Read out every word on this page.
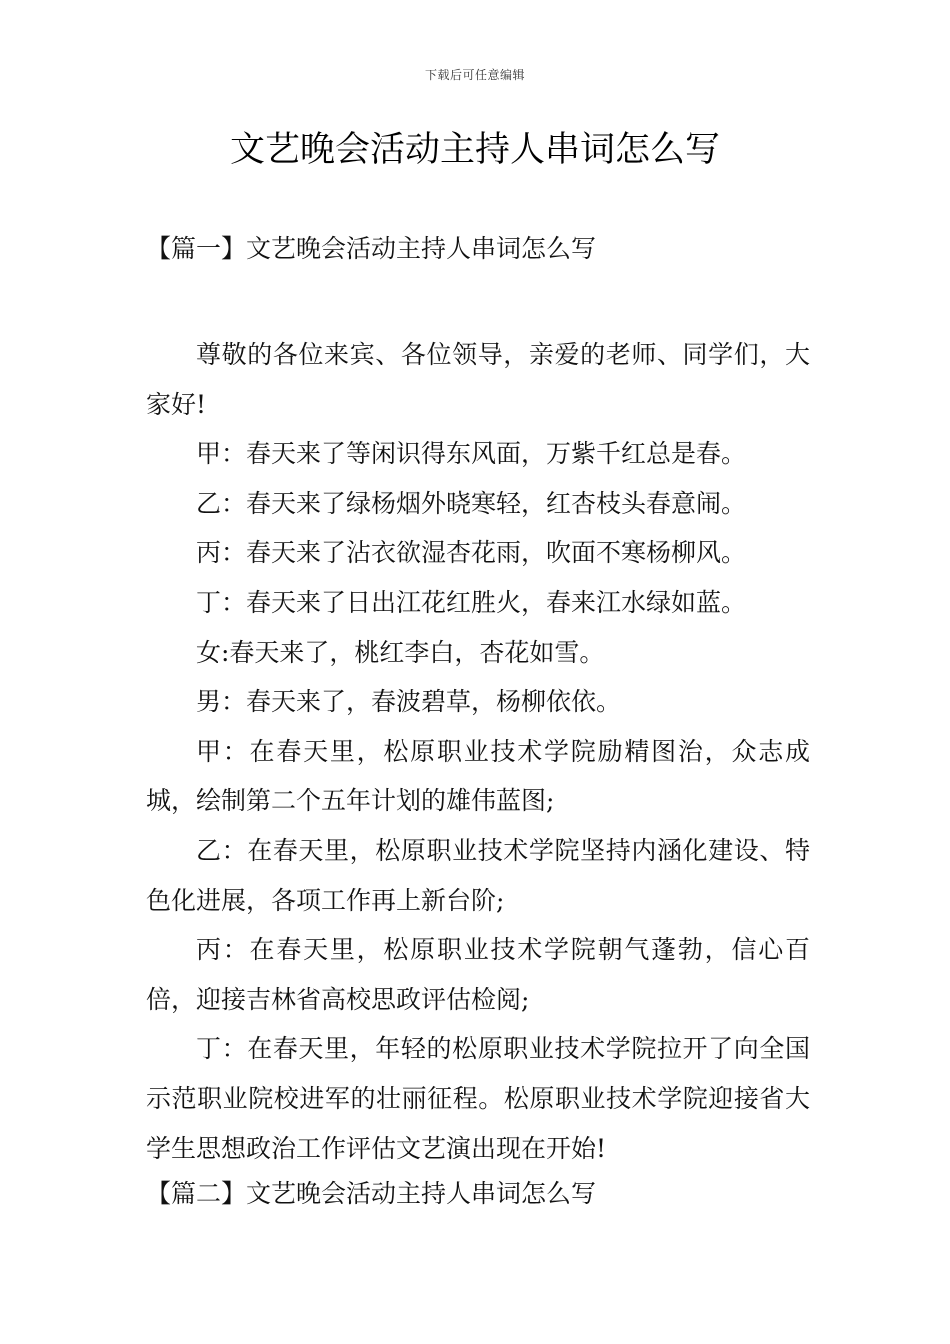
下载后可任意编辑
文艺晚会活动主持人串词怎么写
【篇一】文艺晚会活动主持人串词怎么写

尊敬的各位来宾、各位领导，亲爱的老师、同学们，大家好!

甲：春天来了等闲识得东风面，万紫千红总是春。

乙：春天来了绿杨烟外晓寒轻，红杏枝头春意闹。

丙：春天来了沾衣欲湿杏花雨，吹面不寒杨柳风。

丁：春天来了日出江花红胜火，春来江水绿如蓝。

女:春天来了，桃红李白，杏花如雪。

男：春天来了，春波碧草，杨柳依依。

甲：在春天里，松原职业技术学院励精图治，众志成城，绘制第二个五年计划的雄伟蓝图;

乙：在春天里，松原职业技术学院坚持内涵化建设、特色化进展，各项工作再上新台阶;

丙：在春天里，松原职业技术学院朝气蓬勃，信心百倍，迎接吉林省高校思政评估检阅;

丁：在春天里，年轻的松原职业技术学院拉开了向全国示范职业院校进军的壮丽征程。松原职业技术学院迎接省大学生思想政治工作评估文艺演出现在开始!

【篇二】文艺晚会活动主持人串词怎么写
